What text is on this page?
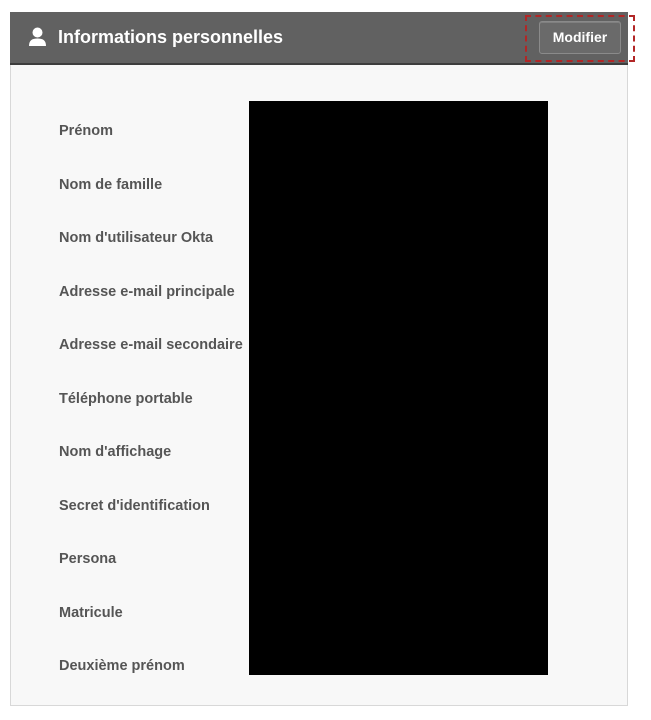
Informations personnelles
Prénom
Nom de famille
Nom d'utilisateur Okta
Adresse e-mail principale
Adresse e-mail secondaire
Téléphone portable
Nom d'affichage
Secret d'identification
Persona
Matricule
Deuxième prénom
Modifier
